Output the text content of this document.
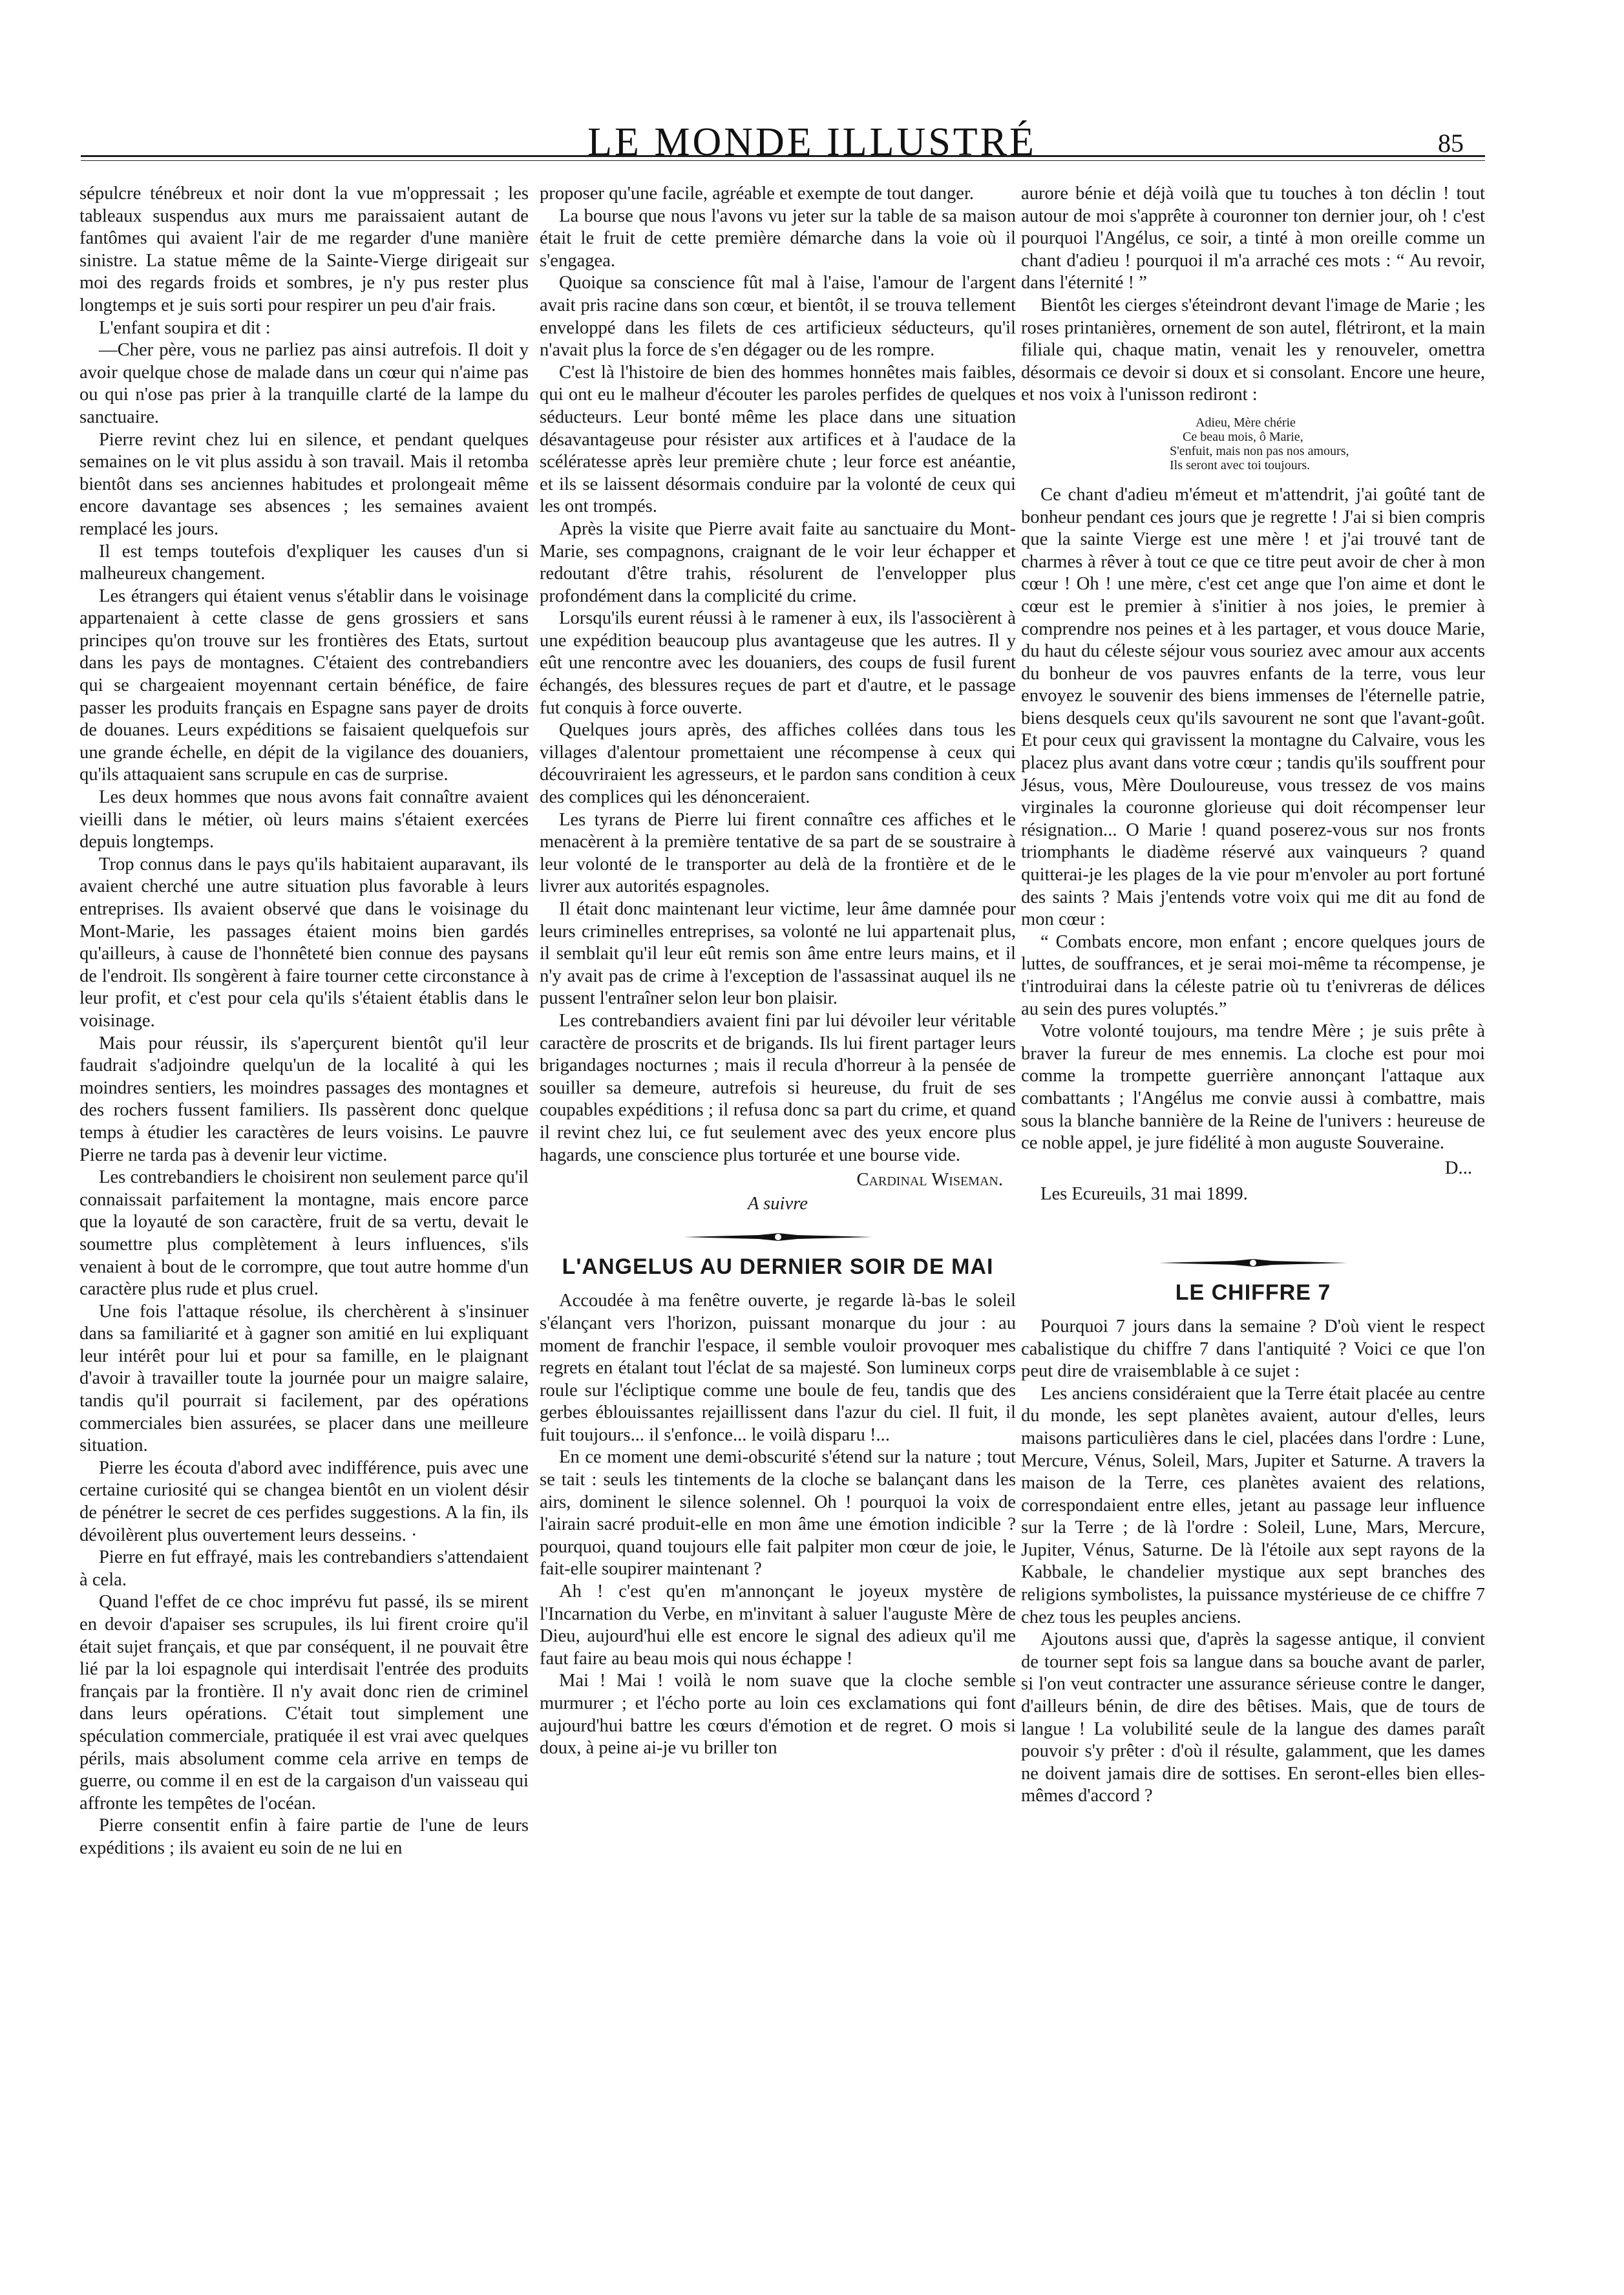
LE MONDE ILLUSTRÉ	85

sépulcre ténébreux et noir dont la vue m'oppressait ; les tableaux suspendus aux murs me paraissaient autant de fantômes qui avaient l'air de me regarder d'une manière sinistre. La statue même de la Sainte-Vierge dirigeait sur moi des regards froids et sombres, je n'y pus rester plus longtemps et je suis sorti pour respirer un peu d'air frais.

L'enfant soupira et dit :

—Cher père, vous ne parliez pas ainsi autrefois. Il doit y avoir quelque chose de malade dans un cœur qui n'aime pas ou qui n'ose pas prier à la tranquille clarté de la lampe du sanctuaire.

Pierre revint chez lui en silence, et pendant quelques semaines on le vit plus assidu à son travail. Mais il retomba bientôt dans ses anciennes habitudes et prolongeait même encore davantage ses absences ; les semaines avaient remplacé les jours.

Il est temps toutefois d'expliquer les causes d'un si malheureux changement.

Les étrangers qui étaient venus s'établir dans le voisinage appartenaient à cette classe de gens grossiers et sans principes qu'on trouve sur les frontières des Etats, surtout dans les pays de montagnes. C'étaient des contrebandiers qui se chargeaient moyennant certain bénéfice, de faire passer les produits français en Espagne sans payer de droits de douanes. Leurs expéditions se faisaient quelquefois sur une grande échelle, en dépit de la vigilance des douaniers, qu'ils attaquaient sans scrupule en cas de surprise.

Les deux hommes que nous avons fait connaître avaient vieilli dans le métier, où leurs mains s'étaient exercées depuis longtemps.

Trop connus dans le pays qu'ils habitaient auparavant, ils avaient cherché une autre situation plus favorable à leurs entreprises. Ils avaient observé que dans le voisinage du Mont-Marie, les passages étaient moins bien gardés qu'ailleurs, à cause de l'honnêteté bien connue des paysans de l'endroit. Ils songèrent à faire tourner cette circonstance à leur profit, et c'est pour cela qu'ils s'étaient établis dans le voisinage.

Mais pour réussir, ils s'aperçurent bientôt qu'il leur faudrait s'adjoindre quelqu'un de la localité à qui les moindres sentiers, les moindres passages des montagnes et des rochers fussent familiers. Ils passèrent donc quelque temps à étudier les caractères de leurs voisins. Le pauvre Pierre ne tarda pas à devenir leur victime.

Les contrebandiers le choisirent non seulement parce qu'il connaissait parfaitement la montagne, mais encore parce que la loyauté de son caractère, fruit de sa vertu, devait le soumettre plus complètement à leurs influences, s'ils venaient à bout de le corrompre, que tout autre homme d'un caractère plus rude et plus cruel.

Une fois l'attaque résolue, ils cherchèrent à s'insinuer dans sa familiarité et à gagner son amitié en lui expliquant leur intérêt pour lui et pour sa famille, en le plaignant d'avoir à travailler toute la journée pour un maigre salaire, tandis qu'il pourrait si facilement, par des opérations commerciales bien assurées, se placer dans une meilleure situation.

Pierre les écouta d'abord avec indifférence, puis avec une certaine curiosité qui se changea bientôt en un violent désir de pénétrer le secret de ces perfides suggestions. A la fin, ils dévoilèrent plus ouvertement leurs desseins. ·

Pierre en fut effrayé, mais les contrebandiers s'attendaient à cela.

Quand l'effet de ce choc imprévu fut passé, ils se mirent en devoir d'apaiser ses scrupules, ils lui firent croire qu'il était sujet français, et que par conséquent, il ne pouvait être lié par la loi espagnole qui interdisait l'entrée des produits français par la frontière. Il n'y avait donc rien de criminel dans leurs opérations. C'était tout simplement une spéculation commerciale, pratiquée il est vrai avec quelques périls, mais absolument comme cela arrive en temps de guerre, ou comme il en est de la cargaison d'un vaisseau qui affronte les tempêtes de l'océan.

Pierre consentit enfin à faire partie de l'une de leurs expéditions ; ils avaient eu soin de ne lui en

proposer qu'une facile, agréable et exempte de tout danger.

La bourse que nous l'avons vu jeter sur la table de sa maison était le fruit de cette première démarche dans la voie où il s'engagea.

Quoique sa conscience fût mal à l'aise, l'amour de l'argent avait pris racine dans son cœur, et bientôt, il se trouva tellement enveloppé dans les filets de ces artificieux séducteurs, qu'il n'avait plus la force de s'en dégager ou de les rompre.

C'est là l'histoire de bien des hommes honnêtes mais faibles, qui ont eu le malheur d'écouter les paroles perfides de quelques séducteurs. Leur bonté même les place dans une situation désavantageuse pour résister aux artifices et à l'audace de la scélératesse après leur première chute ; leur force est anéantie, et ils se laissent désormais conduire par la volonté de ceux qui les ont trompés.

Après la visite que Pierre avait faite au sanctuaire du Mont-Marie, ses compagnons, craignant de le voir leur échapper et redoutant d'être trahis, résolurent de l'envelopper plus profondément dans la complicité du crime.

Lorsqu'ils eurent réussi à le ramener à eux, ils l'associèrent à une expédition beaucoup plus avantageuse que les autres. Il y eût une rencontre avec les douaniers, des coups de fusil furent échangés, des blessures reçues de part et d'autre, et le passage fut conquis à force ouverte.

Quelques jours après, des affiches collées dans tous les villages d'alentour promettaient une récompense à ceux qui découvriraient les agresseurs, et le pardon sans condition à ceux des complices qui les dénonceraient.

Les tyrans de Pierre lui firent connaître ces affiches et le menacèrent à la première tentative de sa part de se soustraire à leur volonté de le transporter au delà de la frontière et de le livrer aux autorités espagnoles.

Il était donc maintenant leur victime, leur âme damnée pour leurs criminelles entreprises, sa volonté ne lui appartenait plus, il semblait qu'il leur eût remis son âme entre leurs mains, et il n'y avait pas de crime à l'exception de l'assassinat auquel ils ne pussent l'entraîner selon leur bon plaisir.

Les contrebandiers avaient fini par lui dévoiler leur véritable caractère de proscrits et de brigands. Ils lui firent partager leurs brigandages nocturnes ; mais il recula d'horreur à la pensée de souiller sa demeure, autrefois si heureuse, du fruit de ses coupables expéditions ; il refusa donc sa part du crime, et quand il revint chez lui, ce fut seulement avec des yeux encore plus hagards, une conscience plus torturée et une bourse vide.

Cardinal Wiseman.
A suivre
L'ANGELUS AU DERNIER SOIR DE MAI

Accoudée à ma fenêtre ouverte, je regarde là-bas le soleil s'élançant vers l'horizon, puissant monarque du jour : au moment de franchir l'espace, il semble vouloir provoquer mes regrets en étalant tout l'éclat de sa majesté. Son lumineux corps roule sur l'écliptique comme une boule de feu, tandis que des gerbes éblouissantes rejaillissent dans l'azur du ciel. Il fuit, il fuit toujours... il s'enfonce... le voilà disparu !...

En ce moment une demi-obscurité s'étend sur la nature ; tout se tait : seuls les tintements de la cloche se balançant dans les airs, dominent le silence solennel. Oh ! pourquoi la voix de l'airain sacré produit-elle en mon âme une émotion indicible ? pourquoi, quand toujours elle fait palpiter mon cœur de joie, le fait-elle soupirer maintenant ?

Ah ! c'est qu'en m'annonçant le joyeux mystère de l'Incarnation du Verbe, en m'invitant à saluer l'auguste Mère de Dieu, aujourd'hui elle est encore le signal des adieux qu'il me faut faire au beau mois qui nous échappe !

Mai ! Mai ! voilà le nom suave que la cloche semble murmurer ; et l'écho porte au loin ces exclamations qui font aujourd'hui battre les cœurs d'émotion et de regret. O mois si doux, à peine ai-je vu briller ton

aurore bénie et déjà voilà que tu touches à ton déclin ! tout autour de moi s'apprête à couronner ton dernier jour, oh ! c'est pourquoi l'Angélus, ce soir, a tinté à mon oreille comme un chant d'adieu ! pourquoi il m'a arraché ces mots : “ Au revoir, dans l'éternité ! ”

Bientôt les cierges s'éteindront devant l'image de Marie ; les roses printanières, ornement de son autel, flétriront, et la main filiale qui, chaque matin, venait les y renouveler, omettra désormais ce devoir si doux et si consolant. Encore une heure, et nos voix à l'unisson rediront :

Adieu, Mère chérie
Ce beau mois, ô Marie,
S'enfuit, mais non pas nos amours,
Ils seront avec toi toujours.

Ce chant d'adieu m'émeut et m'attendrit, j'ai goûté tant de bonheur pendant ces jours que je regrette ! J'ai si bien compris que la sainte Vierge est une mère ! et j'ai trouvé tant de charmes à rêver à tout ce que ce titre peut avoir de cher à mon cœur ! Oh ! une mère, c'est cet ange que l'on aime et dont le cœur est le premier à s'initier à nos joies, le premier à comprendre nos peines et à les partager, et vous douce Marie, du haut du céleste séjour vous souriez avec amour aux accents du bonheur de vos pauvres enfants de la terre, vous leur envoyez le souvenir des biens immenses de l'éternelle patrie, biens desquels ceux qu'ils savourent ne sont que l'avant-goût. Et pour ceux qui gravissent la montagne du Calvaire, vous les placez plus avant dans votre cœur ; tandis qu'ils souffrent pour Jésus, vous, Mère Douloureuse, vous tressez de vos mains virginales la couronne glorieuse qui doit récompenser leur résignation... O Marie ! quand poserez-vous sur nos fronts triomphants le diadème réservé aux vainqueurs ? quand quitterai-je les plages de la vie pour m'envoler au port fortuné des saints ? Mais j'entends votre voix qui me dit au fond de mon cœur :

“ Combats encore, mon enfant ; encore quelques jours de luttes, de souffrances, et je serai moi-même ta récompense, je t'introduirai dans la céleste patrie où tu t'enivreras de délices au sein des pures voluptés.”

Votre volonté toujours, ma tendre Mère ; je suis prête à braver la fureur de mes ennemis. La cloche est pour moi comme la trompette guerrière annonçant l'attaque aux combattants ; l'Angélus me convie aussi à combattre, mais sous la blanche bannière de la Reine de l'univers : heureuse de ce noble appel, je jure fidélité à mon auguste Souveraine.

D...
Les Ecureuils, 31 mai 1899.
LE CHIFFRE 7

Pourquoi 7 jours dans la semaine ? D'où vient le respect cabalistique du chiffre 7 dans l'antiquité ? Voici ce que l'on peut dire de vraisemblable à ce sujet :

Les anciens considéraient que la Terre était placée au centre du monde, les sept planètes avaient, autour d'elles, leurs maisons particulières dans le ciel, placées dans l'ordre : Lune, Mercure, Vénus, Soleil, Mars, Jupiter et Saturne. A travers la maison de la Terre, ces planètes avaient des relations, correspondaient entre elles, jetant au passage leur influence sur la Terre ; de là l'ordre : Soleil, Lune, Mars, Mercure, Jupiter, Vénus, Saturne. De là l'étoile aux sept rayons de la Kabbale, le chandelier mystique aux sept branches des religions symbolistes, la puissance mystérieuse de ce chiffre 7 chez tous les peuples anciens.

Ajoutons aussi que, d'après la sagesse antique, il convient de tourner sept fois sa langue dans sa bouche avant de parler, si l'on veut contracter une assurance sérieuse contre le danger, d'ailleurs bénin, de dire des bêtises. Mais, que de tours de langue ! La volubilité seule de la langue des dames paraît pouvoir s'y prêter : d'où il résulte, galamment, que les dames ne doivent jamais dire de sottises. En seront-elles bien elles-mêmes d'accord ?
